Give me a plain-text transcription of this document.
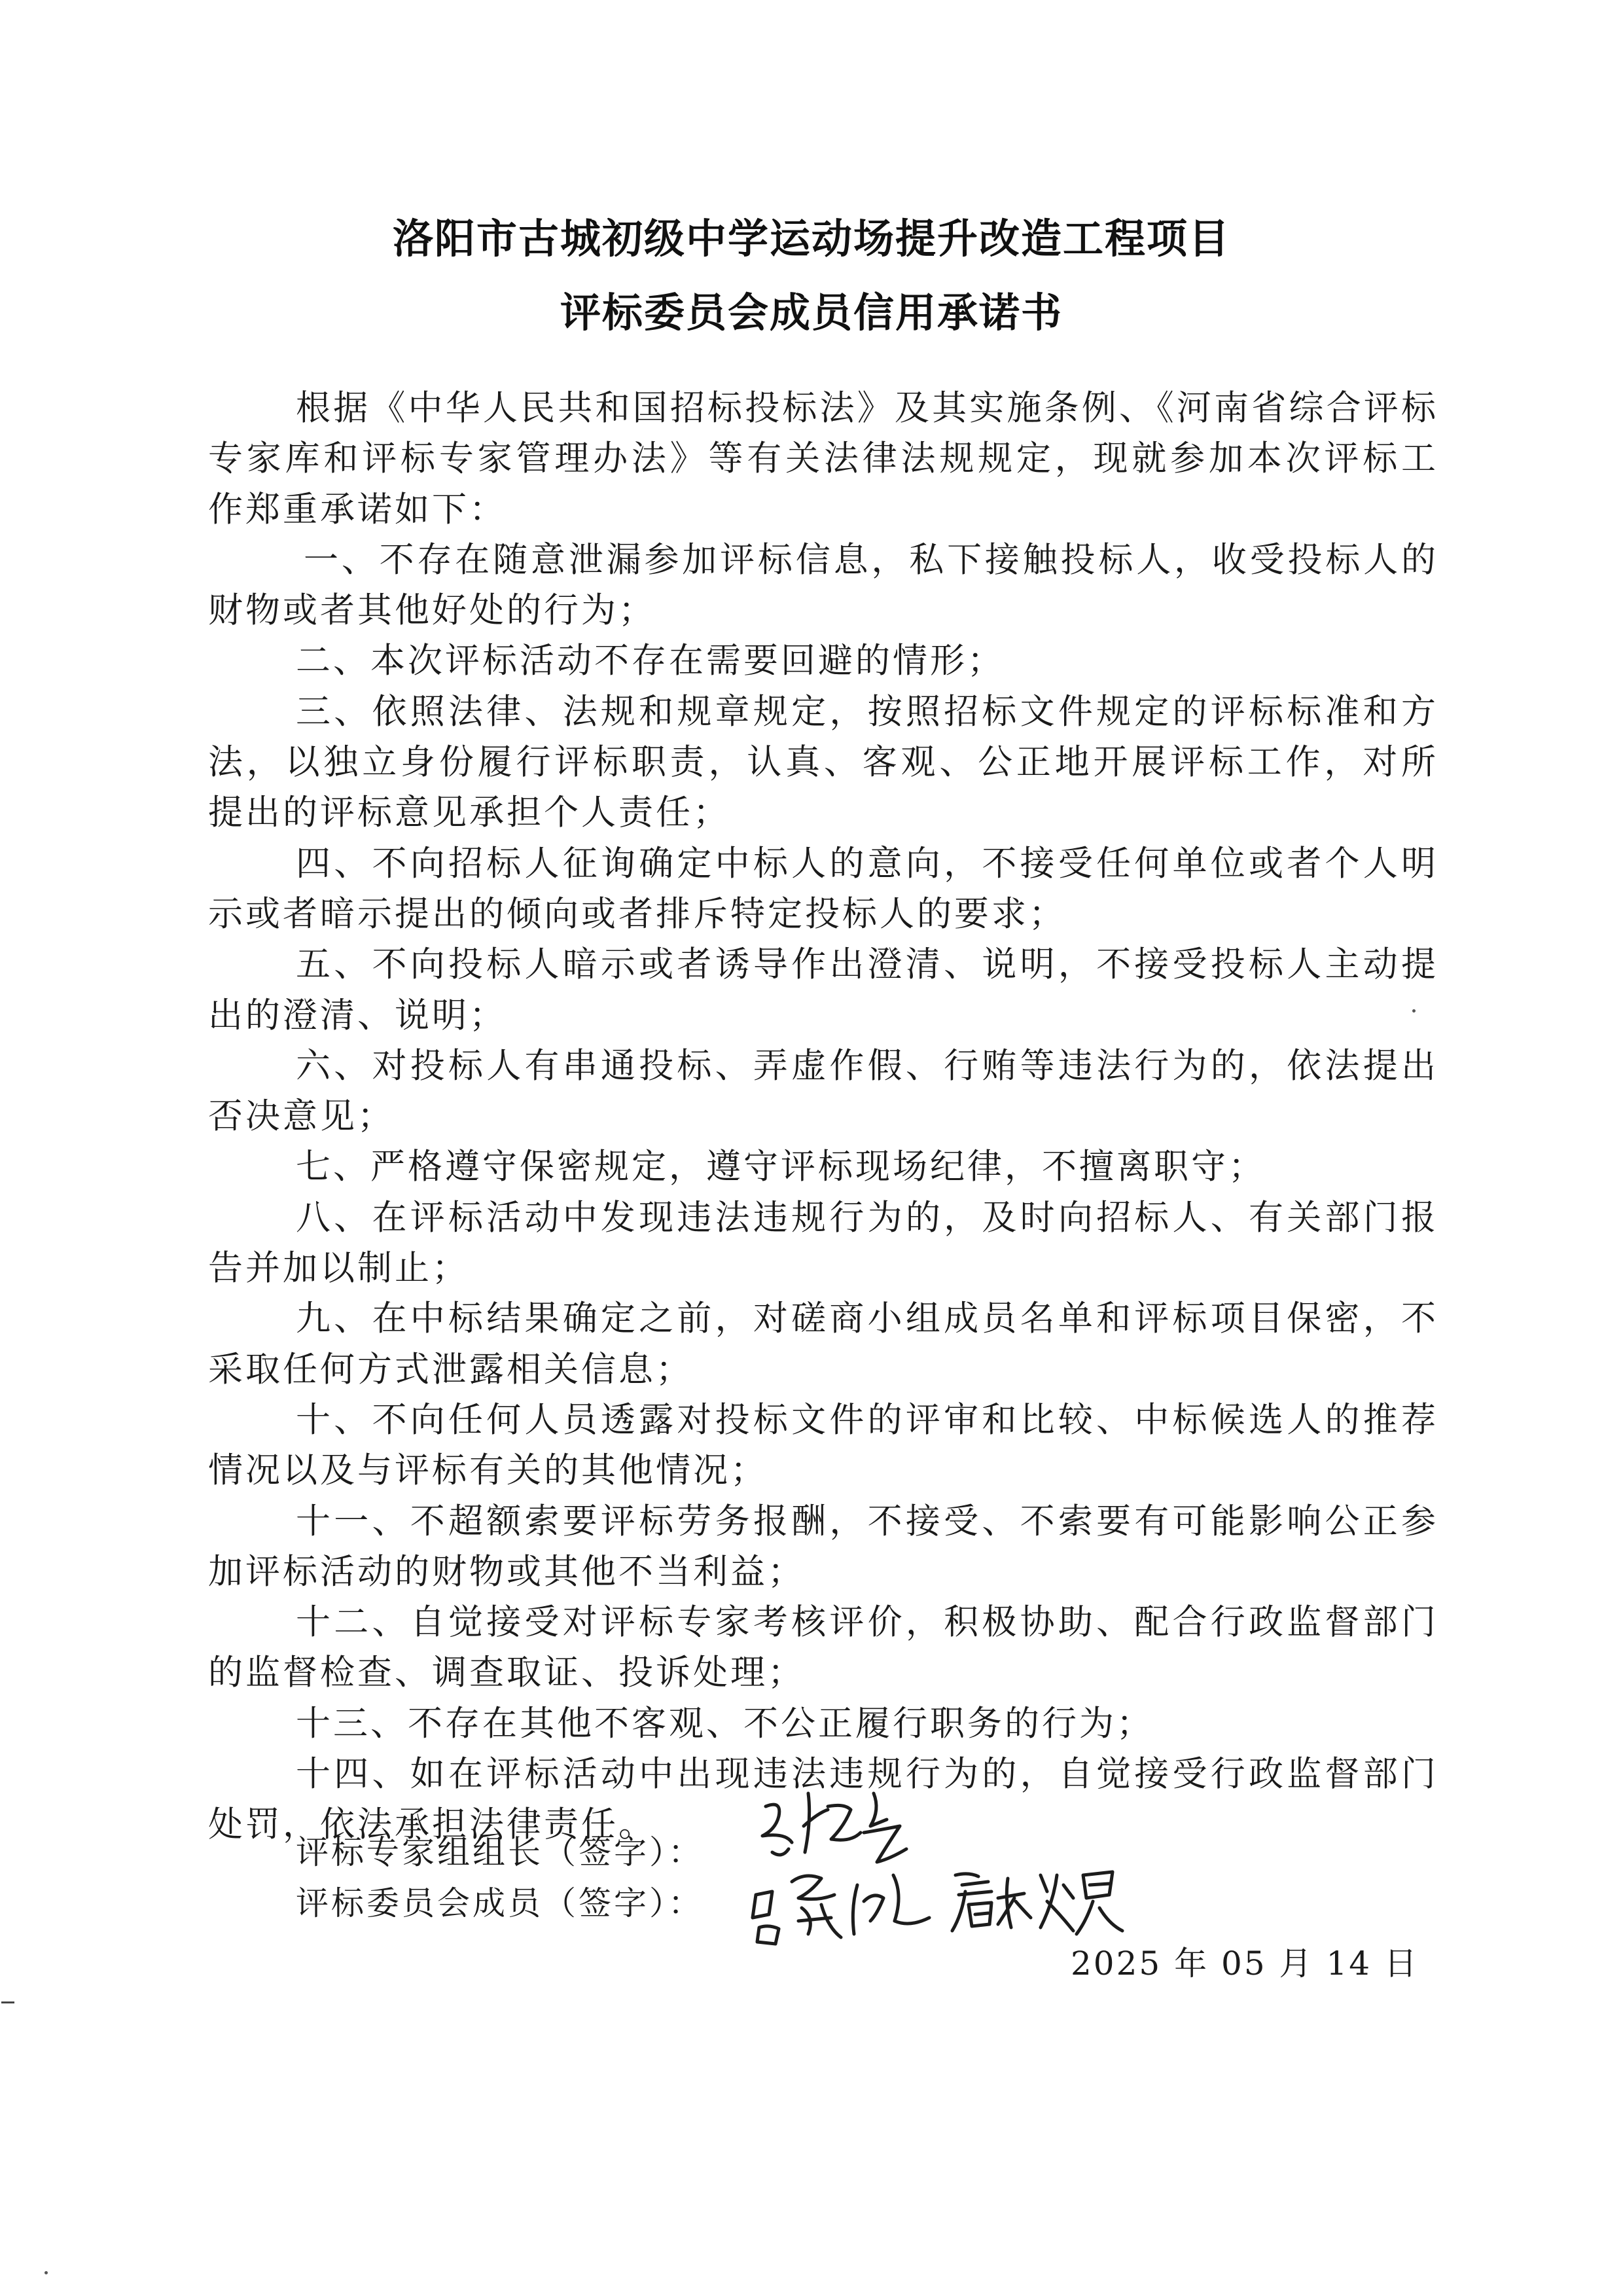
洛阳市古城初级中学运动场提升改造工程项目
评标委员会成员信用承诺书

根据《中华人民共和国招标投标法》及其实施条例、《河南省综合评标专家库和评标专家管理办法》等有关法律法规规定，现就参加本次评标工作郑重承诺如下：

一、不存在随意泄漏参加评标信息，私下接触投标人，收受投标人的财物或者其他好处的行为；

二、本次评标活动不存在需要回避的情形；

三、依照法律、法规和规章规定，按照招标文件规定的评标标准和方法，以独立身份履行评标职责，认真、客观、公正地开展评标工作，对所提出的评标意见承担个人责任；

四、不向招标人征询确定中标人的意向，不接受任何单位或者个人明示或者暗示提出的倾向或者排斥特定投标人的要求；

五、不向投标人暗示或者诱导作出澄清、说明，不接受投标人主动提出的澄清、说明；

六、对投标人有串通投标、弄虚作假、行贿等违法行为的，依法提出否决意见；

七、严格遵守保密规定，遵守评标现场纪律，不擅离职守；

八、在评标活动中发现违法违规行为的，及时向招标人、有关部门报告并加以制止；

九、在中标结果确定之前，对磋商小组成员名单和评标项目保密，不采取任何方式泄露相关信息；

十、不向任何人员透露对投标文件的评审和比较、中标候选人的推荐情况以及与评标有关的其他情况；

十一、不超额索要评标劳务报酬，不接受、不索要有可能影响公正参加评标活动的财物或其他不当利益；

十二、自觉接受对评标专家考核评价，积极协助、配合行政监督部门的监督检查、调查取证、投诉处理；

十三、不存在其他不客观、不公正履行职务的行为；

十四、如在评标活动中出现违法违规行为的，自觉接受行政监督部门处罚，依法承担法律责任。

评标专家组组长（签字）：
评标委员会成员（签字）：
2025 年 05 月 14 日
